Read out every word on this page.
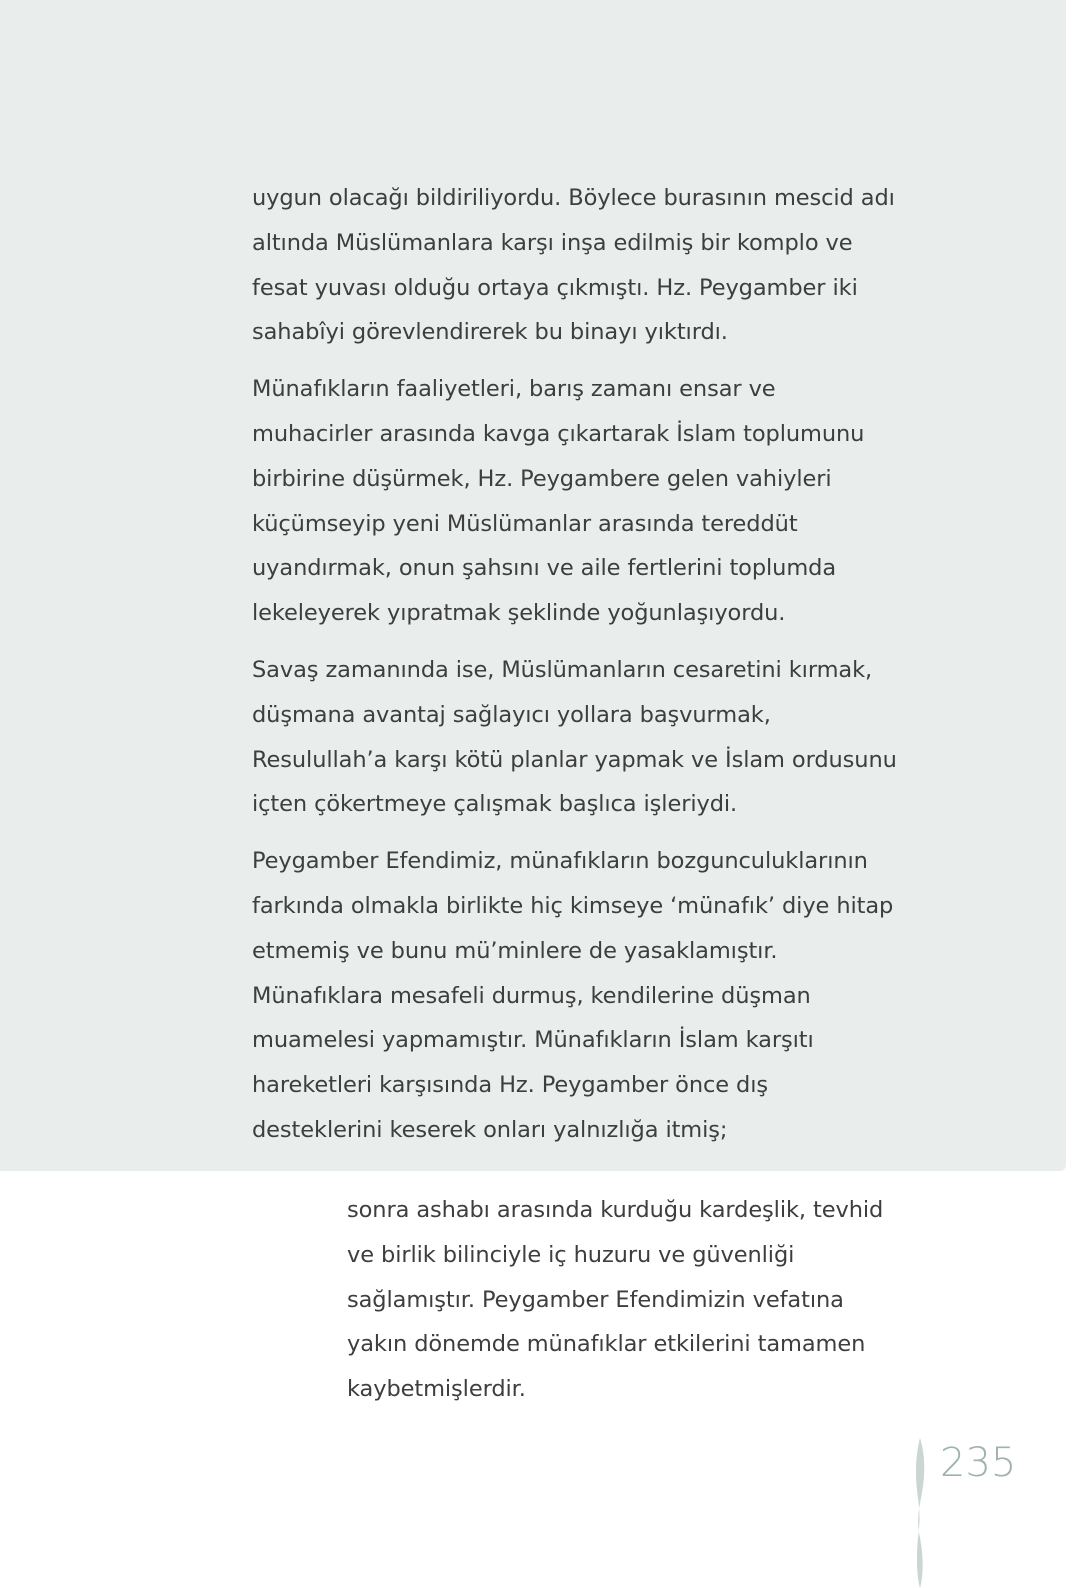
uygun olacağı bildiriliyordu. Böylece burasının mescid adı altında Müslümanlara karşı inşa edilmiş bir komplo ve fesat yuvası olduğu ortaya çıkmıştı. Hz. Peygamber iki sahabîyi görevlendirerek bu binayı yıktırdı.

Münafıkların faaliyetleri, barış zamanı ensar ve muhacirler arasında kavga çıkartarak İslam toplumunu birbirine düşürmek, Hz. Peygambere gelen vahiyleri küçümseyip yeni Müslümanlar arasında tereddüt uyandırmak, onun şahsını ve aile fertlerini toplumda lekeleyerek yıpratmak şeklinde yoğunlaşıyordu.

Savaş zamanında ise, Müslümanların cesaretini kırmak, düşmana avantaj sağlayıcı yollara başvurmak, Resulullah’a karşı kötü planlar yapmak ve İslam ordusunu içten çökertmeye çalışmak başlıca işleriydi.

Peygamber Efendimiz, münafıkların bozgunculuklarının farkında olmakla birlikte hiç kimseye ‘münafık’ diye hitap etmemiş ve bunu mü’minlere de yasaklamıştır. Münafıklara mesafeli durmuş, kendilerine düşman muamelesi yapmamıştır. Münafıkların İslam karşıtı hareketleri karşısında Hz. Peygamber önce dış desteklerini keserek onları yalnızlığa itmiş;

sonra ashabı arasında kurduğu kardeşlik, tevhid ve birlik bilinciyle iç huzuru ve güvenliği sağlamıştır. Peygamber Efendimizin vefatına yakın dönemde münafıklar etkilerini tamamen kaybetmişlerdir.

235
